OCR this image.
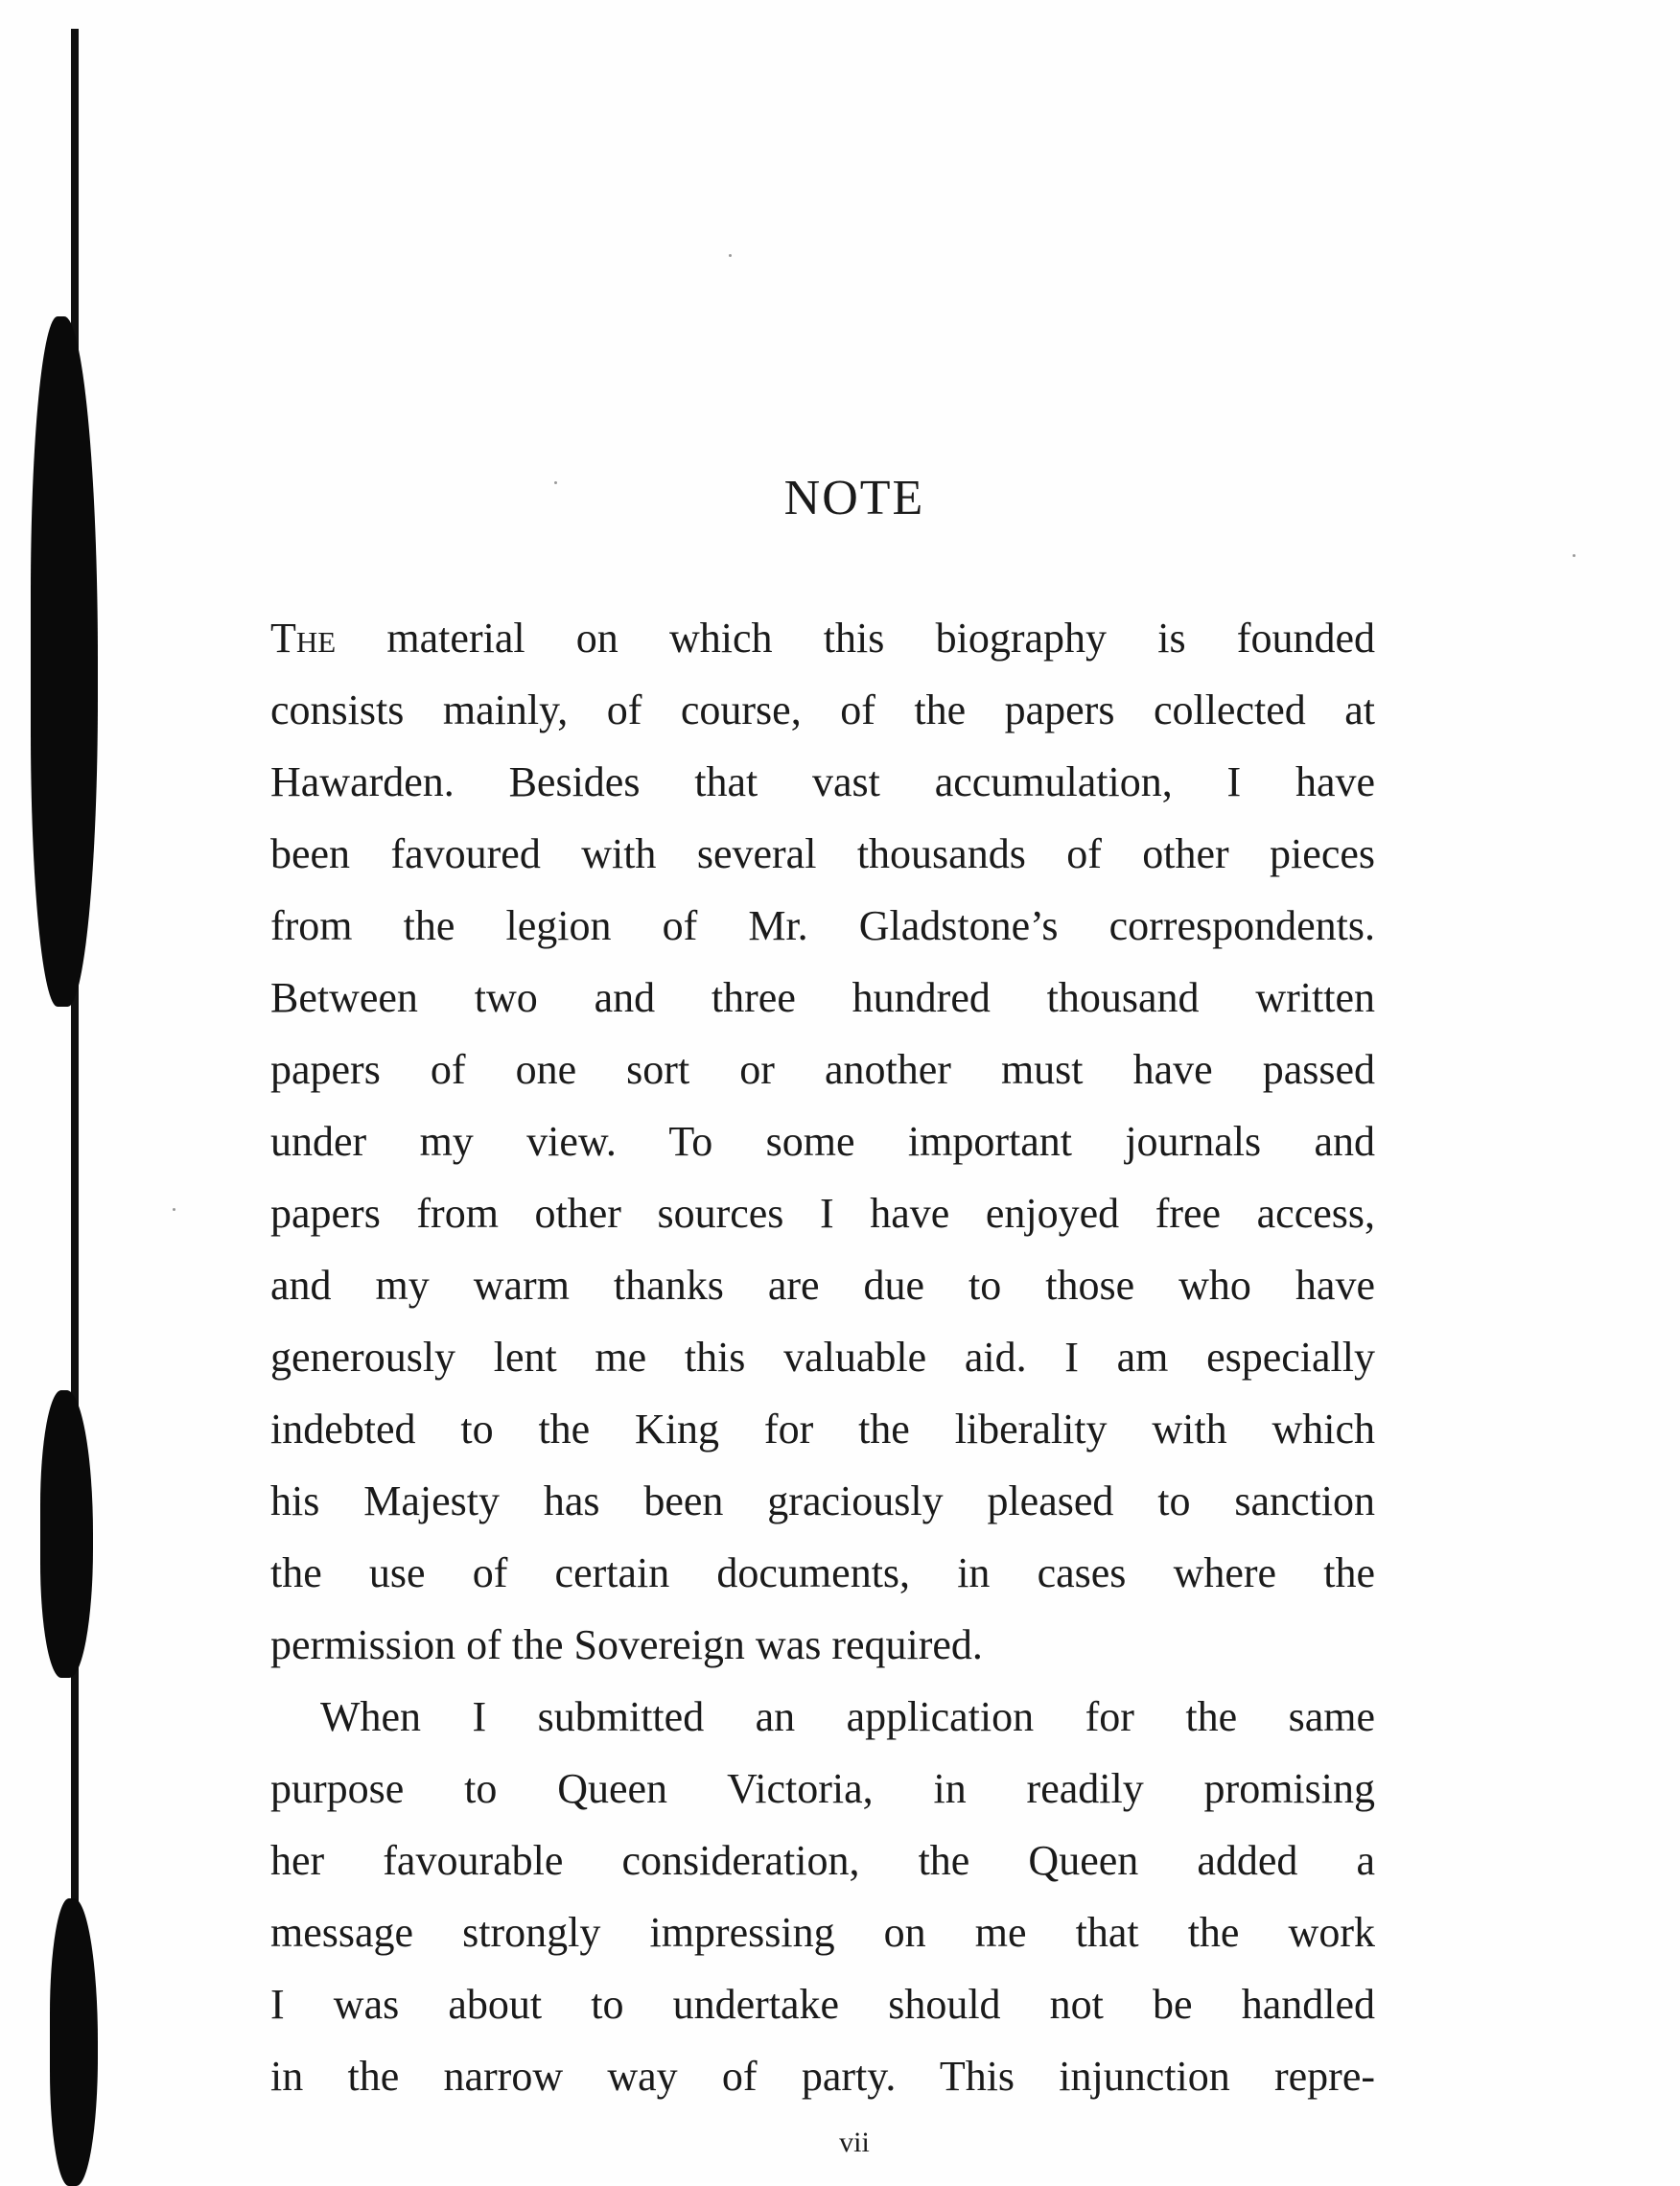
NOTE
The material on which this biography is founded
consists mainly, of course, of the papers collected at
Hawarden. Besides that vast accumulation, I have
been favoured with several thousands of other pieces
from the legion of Mr. Gladstone’s correspondents.
Between two and three hundred thousand written
papers of one sort or another must have passed
under my view. To some important journals and
papers from other sources I have enjoyed free access,
and my warm thanks are due to those who have
generously lent me this valuable aid. I am especially
indebted to the King for the liberality with which
his Majesty has been graciously pleased to sanction
the use of certain documents, in cases where the
permission of the Sovereign was required.
When I submitted an application for the same
purpose to Queen Victoria, in readily promising
her favourable consideration, the Queen added a
message strongly impressing on me that the work
I was about to undertake should not be handled
in the narrow way of party. This injunction repre-
vii
